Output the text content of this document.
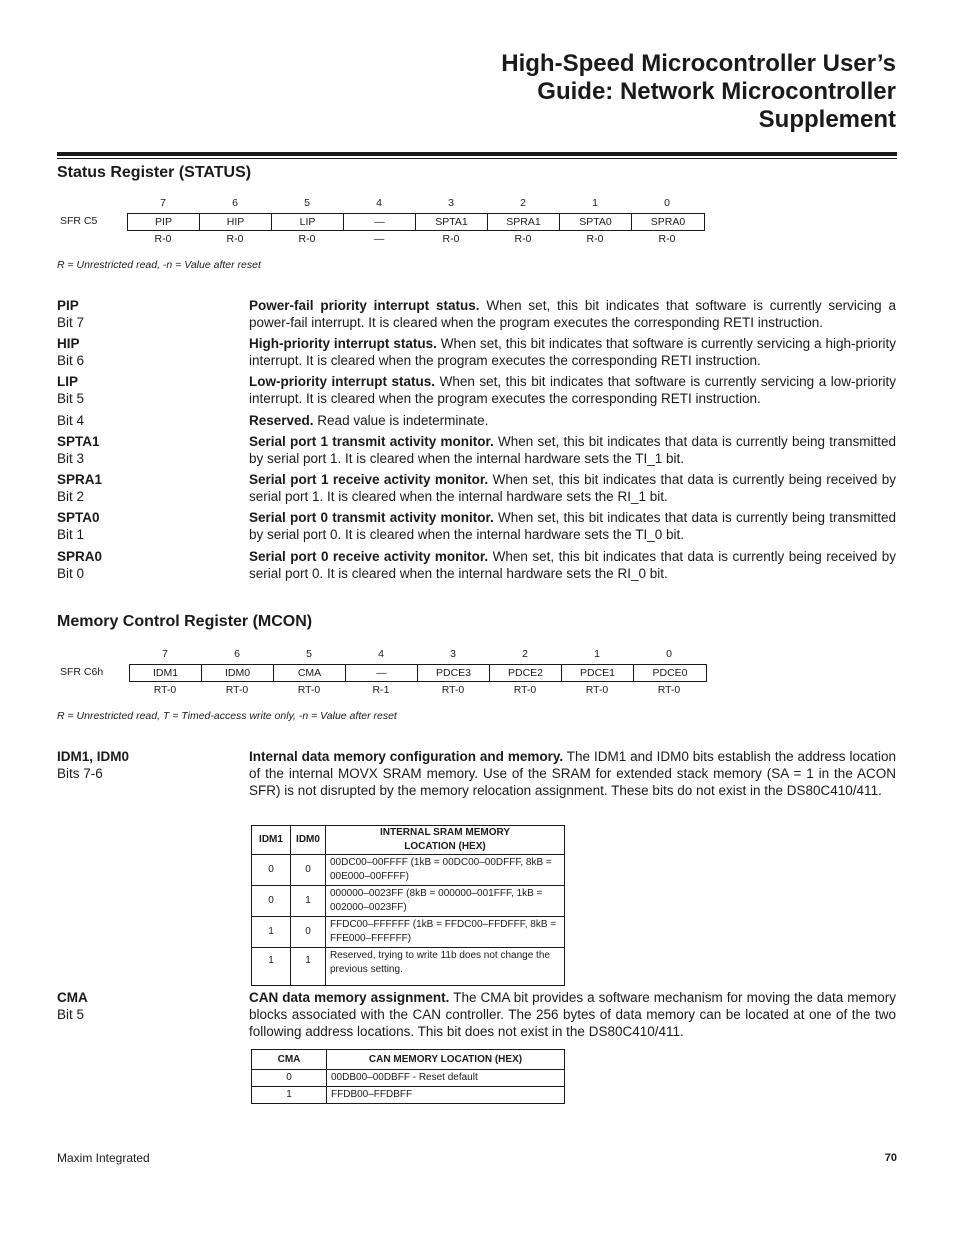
High-Speed Microcontroller User’s
Guide: Network Microcontroller
Supplement
Status Register (STATUS)
7	6	5	4	3	2	1	0
SFR C5	PIP	HIP	LIP	—	SPTA1	SPRA1	SPTA0	SPRA0
R-0	R-0	R-0	—	R-0	R-0	R-0	R-0
R = Unrestricted read, -n = Value after reset
PIP
Bit 7
Power-fail priority interrupt status. When set, this bit indicates that software is currently servicing a power-fail interrupt. It is cleared when the program executes the corresponding RETI instruction.
HIP
Bit 6
High-priority interrupt status. When set, this bit indicates that software is currently servicing a high-priority interrupt. It is cleared when the program executes the corresponding RETI instruction.
LIP
Bit 5
Low-priority interrupt status. When set, this bit indicates that software is currently servicing a low-priority interrupt. It is cleared when the program executes the corresponding RETI instruction.
Bit 4	Reserved. Read value is indeterminate.
SPTA1
Bit 3
Serial port 1 transmit activity monitor. When set, this bit indicates that data is currently being transmitted by serial port 1. It is cleared when the internal hardware sets the TI_1 bit.
SPRA1
Bit 2
Serial port 1 receive activity monitor. When set, this bit indicates that data is currently being received by serial port 1. It is cleared when the internal hardware sets the RI_1 bit.
SPTA0
Bit 1
Serial port 0 transmit activity monitor. When set, this bit indicates that data is currently being transmitted by serial port 0. It is cleared when the internal hardware sets the TI_0 bit.
SPRA0
Bit 0
Serial port 0 receive activity monitor. When set, this bit indicates that data is currently being received by serial port 0. It is cleared when the internal hardware sets the RI_0 bit.
Memory Control Register (MCON)
7	6	5	4	3	2	1	0
SFR C6h	IDM1	IDM0	CMA	—	PDCE3	PDCE2	PDCE1	PDCE0
RT-0	RT-0	RT-0	R-1	RT-0	RT-0	RT-0	RT-0
R = Unrestricted read, T = Timed-access write only, -n = Value after reset
IDM1, IDM0
Bits 7-6
Internal data memory configuration and memory. The IDM1 and IDM0 bits establish the address location of the internal MOVX SRAM memory. Use of the SRAM for extended stack memory (SA = 1 in the ACON SFR) is not disrupted by the memory relocation assignment. These bits do not exist in the DS80C410/411.
IDM1	IDM0	INTERNAL SRAM MEMORY LOCATION (HEX)
0	0	00DC00–00FFFF (1kB = 00DC00–00DFFF, 8kB = 00E000–00FFFF)
0	1	000000–0023FF (8kB = 000000–001FFF, 1kB = 002000–0023FF)
1	0	FFDC00–FFFFFF (1kB = FFDC00–FFDFFF, 8kB = FFE000–FFFFFF)
1	1	Reserved, trying to write 11b does not change the previous setting.
CMA
Bit 5
CAN data memory assignment. The CMA bit provides a software mechanism for moving the data memory blocks associated with the CAN controller. The 256 bytes of data memory can be located at one of the two following address locations. This bit does not exist in the DS80C410/411.
CMA	CAN MEMORY LOCATION (HEX)
0	00DB00–00DBFF - Reset default
1	FFDB00–FFDBFF
Maxim Integrated	70
